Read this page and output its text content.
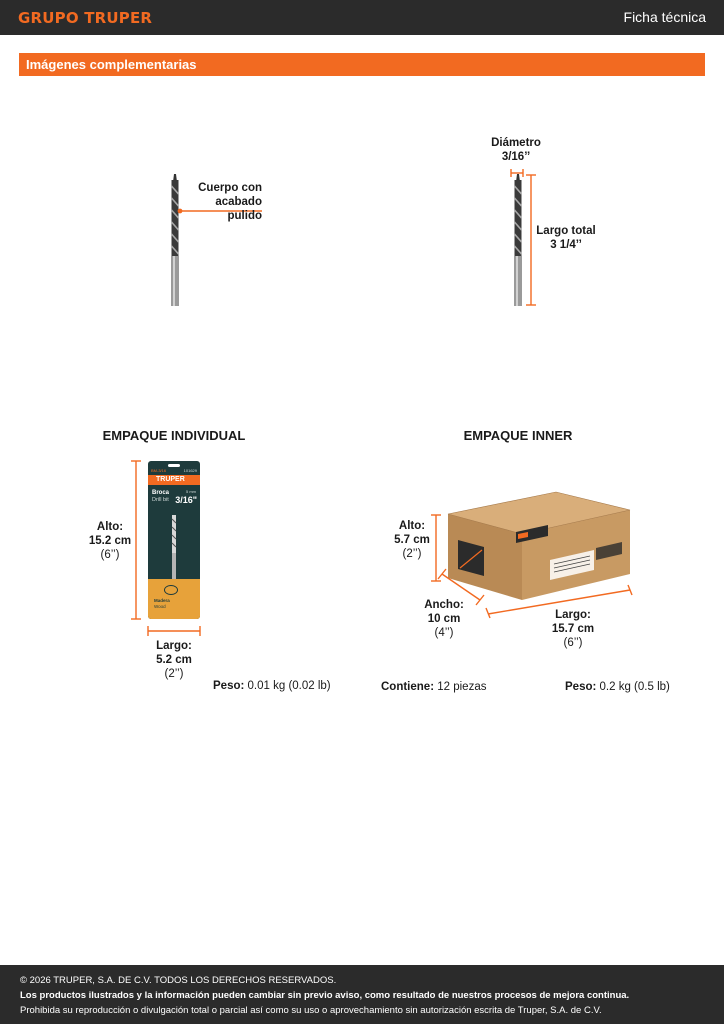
GRUPO TRUPER	Ficha técnica
Imágenes complementarias
Cuerpo con
acabado pulido
Diámetro
3/16’’
Largo total
3 1/4’’
EMPAQUE INDIVIDUAL
Alto:
15.2 cm
(6’’)
101629
BM-3/16
TRUPER
Broca
Drill bit
5 mm
3/16"
Madera
Wood
Largo:
5.2 cm
(2’’)
Peso: 0.01 kg (0.02 lb)
EMPAQUE INNER
Alto:
5.7 cm
(2’’)
Ancho:
10 cm
(4’’)
Largo:
15.7 cm
(6’’)
Contiene: 12 piezas	Peso: 0.2 kg (0.5 lb)

© 2026 TRUPER, S.A. DE C.V. TODOS LOS DERECHOS RESERVADOS.

Los productos ilustrados y la información pueden cambiar sin previo aviso, como resultado de nuestros procesos de mejora continua.

Prohibida su reproducción o divulgación total o parcial así como su uso o aprovechamiento sin autorización escrita de Truper, S.A. de C.V.
